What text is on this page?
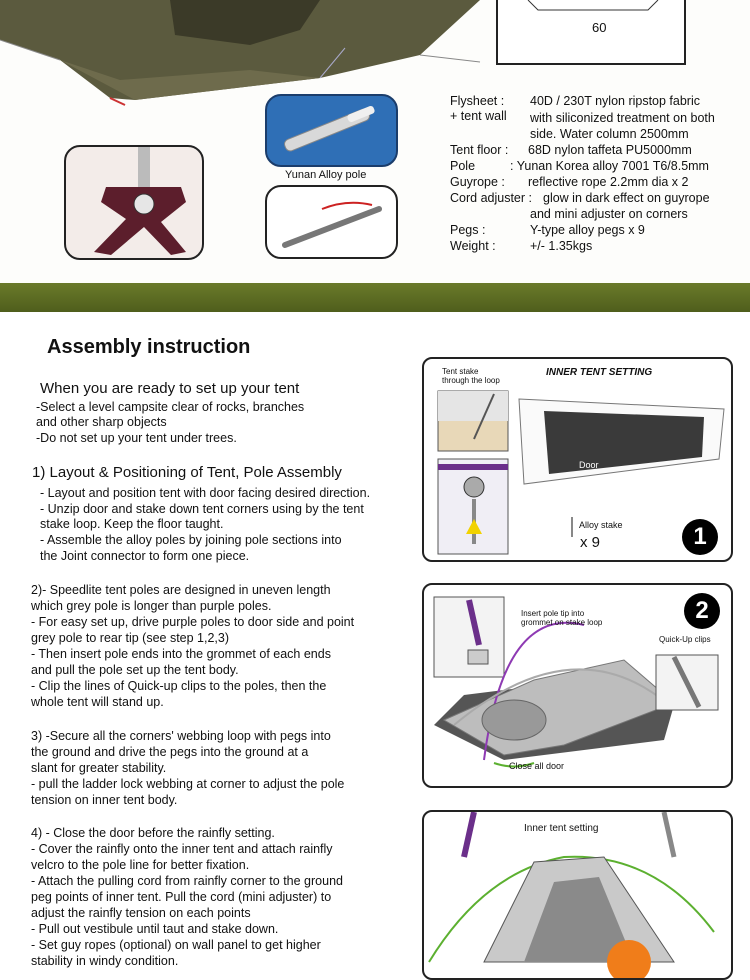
60
Yunan Alloy pole
Flysheet : 40D / 230T nylon ripstop fabric
+ tent wall with siliconized treatment on both
side. Water column 2500mm
Tent floor : 68D nylon taffeta PU5000mm
Pole	: Yunan Korea alloy 7001 T6/8.5mm
Guyrope : reflective rope 2.2mm dia x 2
Cord adjuster : glow in dark effect on guyrope
and mini adjuster on corners
Pegs :	Y-type alloy pegs x 9
Weight :	+/- 1.35kgs
Assembly instruction
When you are ready to set up your tent
-Select a level campsite clear of rocks, branches
and other sharp objects
-Do not set up your tent under trees.
1) Layout & Positioning of Tent, Pole Assembly
- Layout and position tent with door facing desired direction.
- Unzip door and stake down tent corners using by the tent
stake loop. Keep the floor taught.
- Assemble the alloy poles by joining pole sections into
the Joint connector to form one piece.
2)- Speedlite tent poles are designed in uneven length
which grey pole is longer than purple poles.
- For easy set up, drive purple poles to door side and point
grey pole to rear tip (see step 1,2,3)
- Then insert pole ends into the grommet of each ends
and pull the pole set up the tent body.
- Clip the lines of Quick-up clips to the poles, then the
whole tent will stand up.
3) -Secure all the corners' webbing loop with pegs into
the ground and drive the pegs into the ground at a
slant for greater stability.
- pull the ladder lock webbing at corner to adjust the pole
tension on inner tent body.
4) - Close the door before the rainfly setting.
- Cover the rainfly onto the inner tent and attach rainfly
velcro to the pole line for better fixation.
- Attach the pulling cord from rainfly corner to the ground
peg points of inner tent. Pull the cord (mini adjuster) to
adjust the rainfly tension on each points
- Pull out vestibule until taut and stake down.
- Set guy ropes (optional) on wall panel to get higher
stability in windy condition.
Tent stake
through the loop
INNER TENT SETTING
Door
Alloy stake
x 9	1
Insert pole tip into
grommet on stake loop
Quick-Up clips
Close all door
2
Inner tent setting
